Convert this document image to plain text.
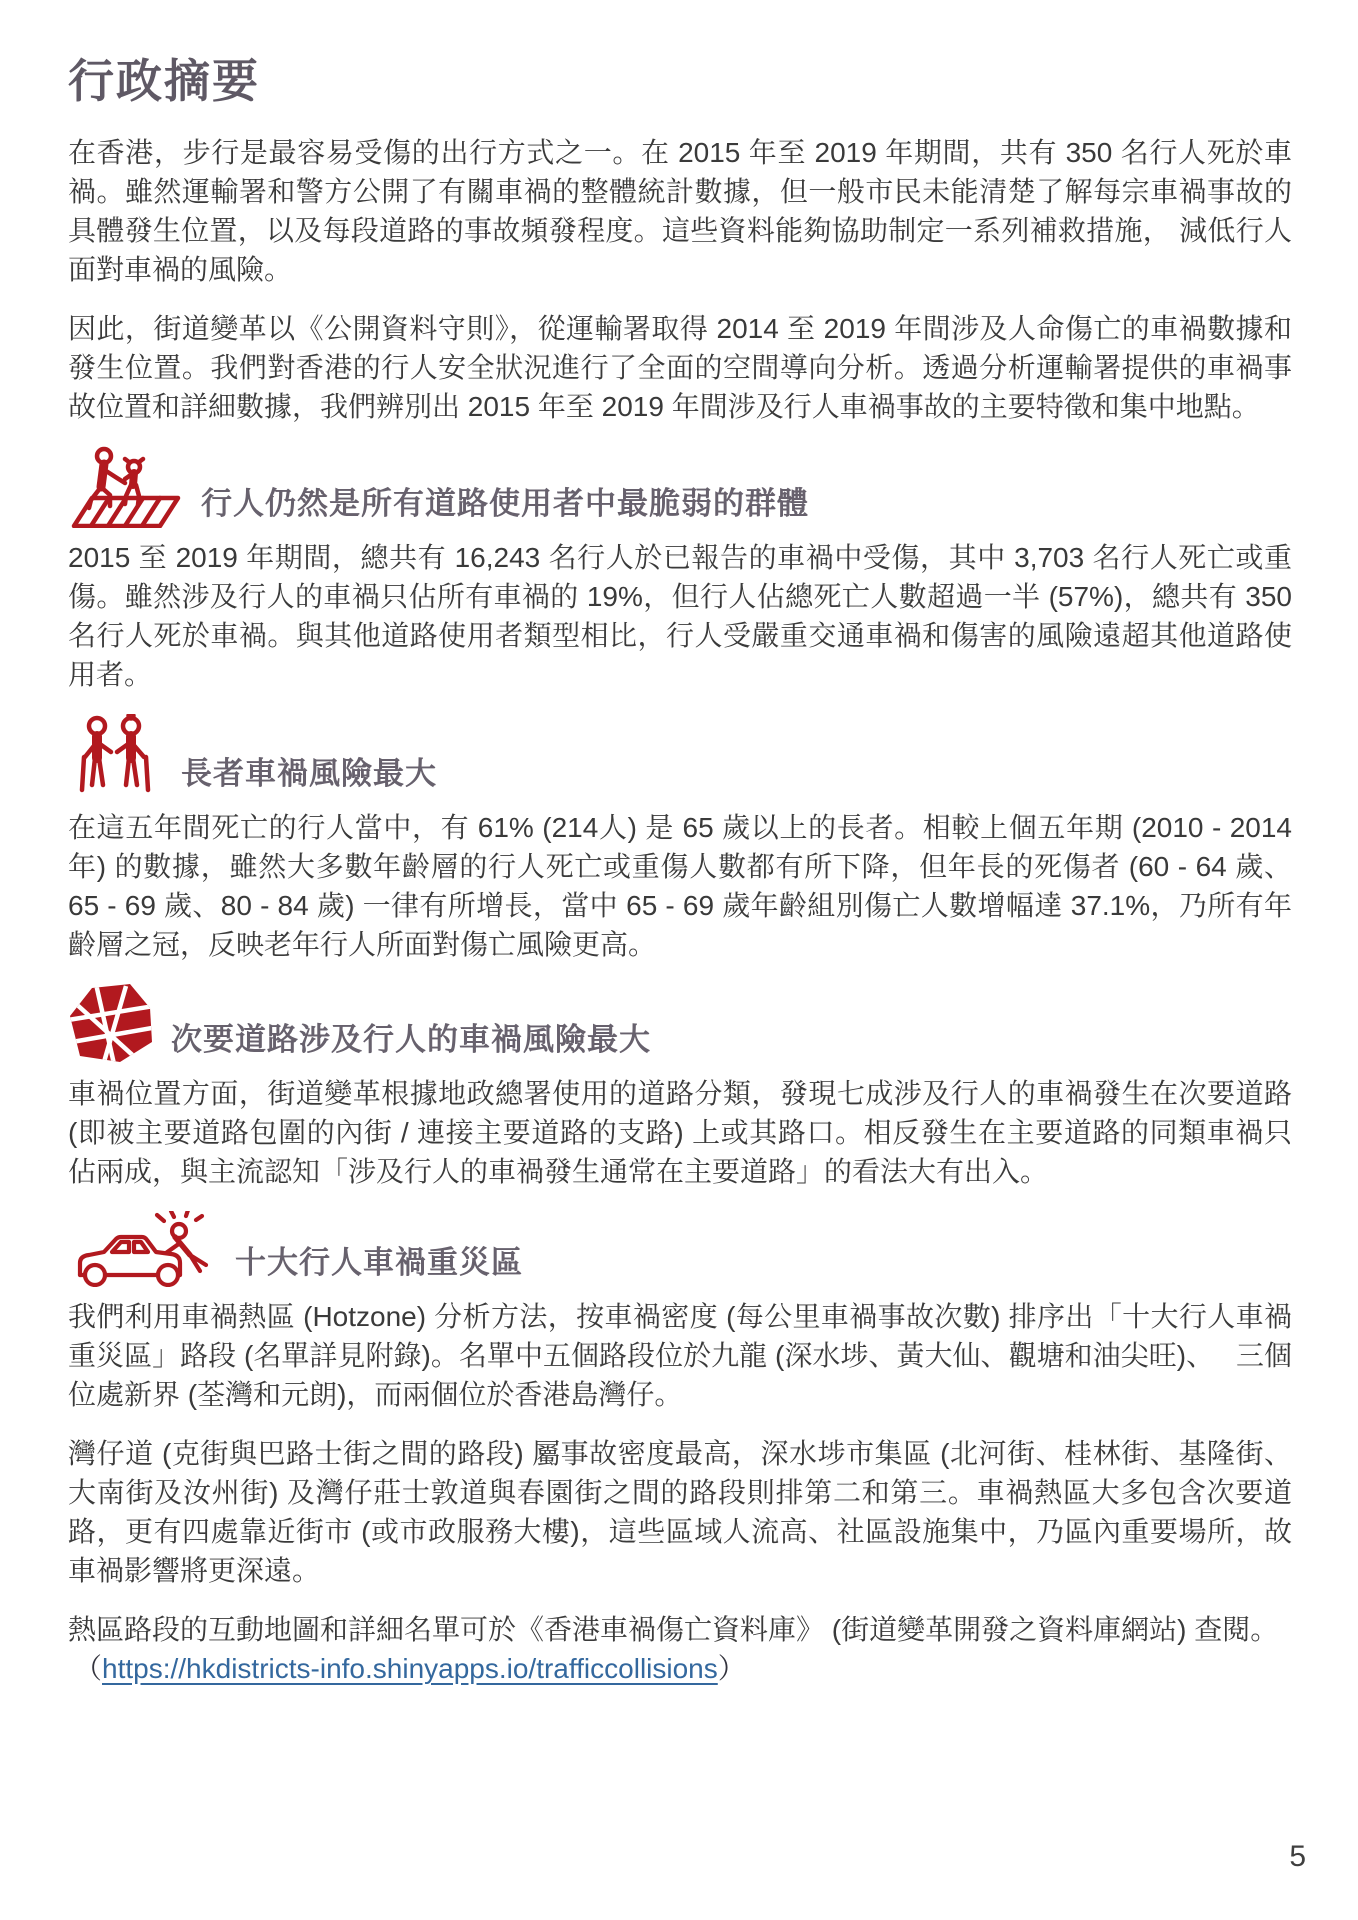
行政摘要

在香港，步行是最容易受傷的出行方式之一。在 2015 年至 2019 年期間，共有 350 名行人死於車禍。雖然運輸署和警方公開了有關車禍的整體統計數據，但一般市民未能清楚了解每宗車禍事故的具體發生位置，以及每段道路的事故頻發程度。這些資料能夠協助制定一系列補救措施， 減低行人面對車禍的風險。

因此，街道變革以《公開資料守則》，從運輸署取得 2014 至 2019 年間涉及人命傷亡的車禍數據和發生位置。我們對香港的行人安全狀況進行了全面的空間導向分析。透過分析運輸署提供的車禍事故位置和詳細數據，我們辨別出 2015 年至 2019 年間涉及行人車禍事故的主要特徵和集中地點。

行人仍然是所有道路使用者中最脆弱的群體

2015 至 2019 年期間，總共有 16,243 名行人於已報告的車禍中受傷，其中 3,703 名行人死亡或重傷。雖然涉及行人的車禍只佔所有車禍的 19%，但行人佔總死亡人數超過一半 (57%)，總共有 350 名行人死於車禍。與其他道路使用者類型相比，行人受嚴重交通車禍和傷害的風險遠超其他道路使用者。

長者車禍風險最大

在這五年間死亡的行人當中，有 61% (214人) 是 65 歲以上的長者。相較上個五年期 (2010 - 2014 年) 的數據，雖然大多數年齡層的行人死亡或重傷人數都有所下降，但年長的死傷者 (60 - 64 歲、65 - 69 歲、80 - 84 歲) 一律有所增長，當中 65 - 69 歲年齡組別傷亡人數增幅達 37.1%，乃所有年齡層之冠，反映老年行人所面對傷亡風險更高。

次要道路涉及行人的車禍風險最大

車禍位置方面，街道變革根據地政總署使用的道路分類，發現七成涉及行人的車禍發生在次要道路 (即被主要道路包圍的內街 / 連接主要道路的支路) 上或其路口。相反發生在主要道路的同類車禍只佔兩成，與主流認知「涉及行人的車禍發生通常在主要道路」的看法大有出入。

十大行人車禍重災區

我們利用車禍熱區 (Hotzone) 分析方法，按車禍密度 (每公里車禍事故次數) 排序出「十大行人車禍重災區」路段 (名單詳見附錄)。名單中五個路段位於九龍 (深水埗、黃大仙、觀塘和油尖旺)、　 三個位處新界 (荃灣和元朗)，而兩個位於香港島灣仔。

灣仔道 (克街與巴路士街之間的路段) 屬事故密度最高，深水埗市集區 (北河街、桂林街、基隆街、大南街及汝州街) 及灣仔莊士敦道與春園街之間的路段則排第二和第三。車禍熱區大多包含次要道路，更有四處靠近街市 (或市政服務大樓)，這些區域人流高、社區設施集中，乃區內重要場所，故車禍影響將更深遠。

熱區路段的互動地圖和詳細名單可於《香港車禍傷亡資料庫》 (街道變革開發之資料庫網站) 查閱。

（https://hkdistricts-info.shinyapps.io/trafficcollisions）

5
